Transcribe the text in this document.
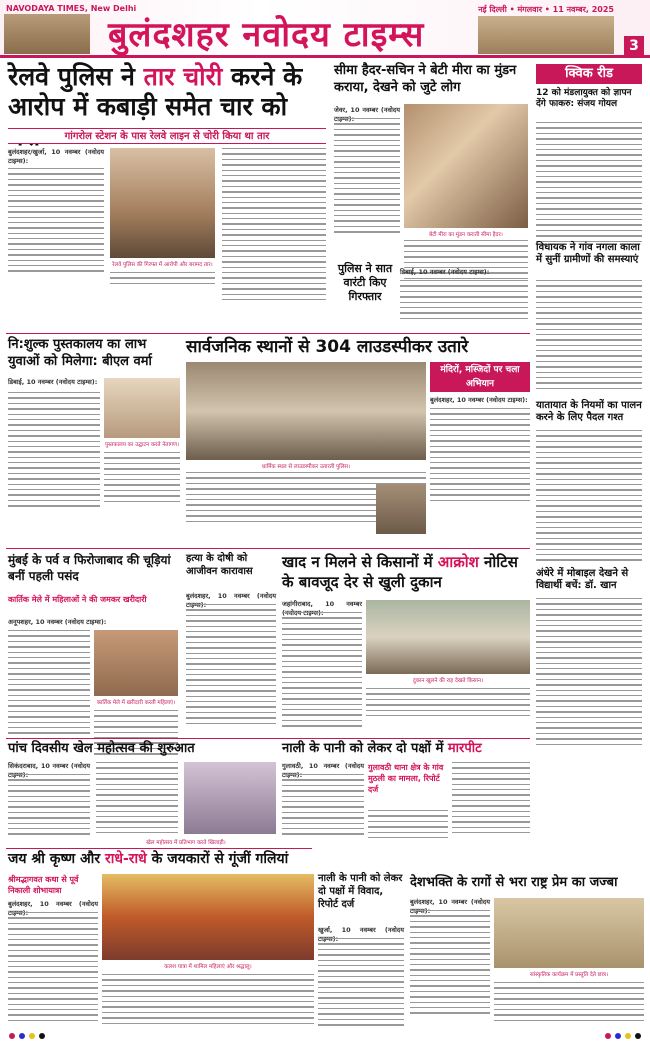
NAVODAYA TIMES, New Delhi
बुलंदशहर नवोदय टाइम्स
नई दिल्ली • मंगलवार • 11 नवम्बर, 2025
3
रेलवे पुलिस ने तार चोरी करने के आरोप में कबाड़ी समेत चार को
गांगरोल स्टेशन के पास रेलवे लाइन से चोरी किया था तार
बुलंदशहर/खुर्जा, 10 नवम्बर (नवोदय टाइम्स):
रेलवे पुलिस की गिरफ्त में आरोपी और बरामद तार।
सीमा हैदर-सचिन ने बेटी मीरा का मुंडन कराया, देखने को जुटे लोग
जेवर, 10 नवम्बर (नवोदय
बेटी मीरा का मुंडन कराती सीमा हैदर।
क्विक रीड
12 को मंडलायुक्त को ज्ञापन देंगे फाकरु: संजय गोयल
विधायक ने गांव नगला काला में सुनीं ग्रामीणों की समस्याएं
यातायात के नियमों का पालन करने के लिए पैदल गश्त
अंधेरे में मोबाइल देखने से विद्यार्थी बचें: डॉ. खान
पुलिस ने सात वारंटी किए गिरफ्तार
डिबाई, 10 नवम्बर (नवोदय टाइम्स):
नि:शुल्क पुस्तकालय का लाभ
युवाओं को मिलेगा: बीएल वर्मा
डिबाई, 10 नवम्बर (नवोदय टाइम्स):
पुस्तकालय का उद्घाटन करते नेतागण।
सार्वजनिक स्थानों से 304 लाउडस्पीकर उतारे
धार्मिक स्थल से लाउडस्पीकर उतारती पुलिस।
मंदिरों, मस्जिदों पर चला अभियान
बुलंदशहर, 10 नवम्बर (नवोदय टाइम्स):
मुंबई के पर्व व फिरोजाबाद की चूड़ियां बनीं पहली पसंद
कार्तिक मेले में महिलाओं ने की जमकर खरीदारी
अनूपशहर, 10 नवम्बर (नवोदय टाइम्स):
कार्तिक मेले में खरीदारी करती महिलाएं।
हत्या के दोषी को आजीवन कारावास
बुलंदशहर, 10 नवम्बर (नवोदय
खाद न मिलने से किसानों में आक्रोश नोटिस के बावजूद देर से खुली दुकान
जहांगीराबाद, 10 नवम्बर
दुकान खुलने की राह देखते किसान।
पांच दिवसीय खेल महोत्सव की शुरुआत
सिकंदराबाद, 10 नवम्बर (नवोदय
खेल महोत्सव में प्रतिभाग करते खिलाड़ी।
नाली के पानी को लेकर दो पक्षों में मारपीट
गुलावठी, 10 नवम्बर (नवोदय गुलावठी थाना क्षेत्र के गांव मुठली का मामला, रिपोर्ट दर्ज
जय श्री कृष्ण और राधे-राधे के जयकारों से गूंजीं गलियां
श्रीमद्भागवत कथा से पूर्व निकाली शोभायात्रा
बुलंदशहर, 10 नवम्बर (नवोदय
कलश यात्रा में शामिल महिलाएं और श्रद्धालु।
नाली के पानी को लेकर दो पक्षों में विवाद, रिपोर्ट दर्ज
खुर्जा, 10 नवम्बर (नवोदय
देशभक्ति के रागों से भरा राष्ट्र प्रेम का जज्बा
बुलंदशहर, 10 नवम्बर (नवोदय
सांस्कृतिक कार्यक्रम में प्रस्तुति देते छात्र।
